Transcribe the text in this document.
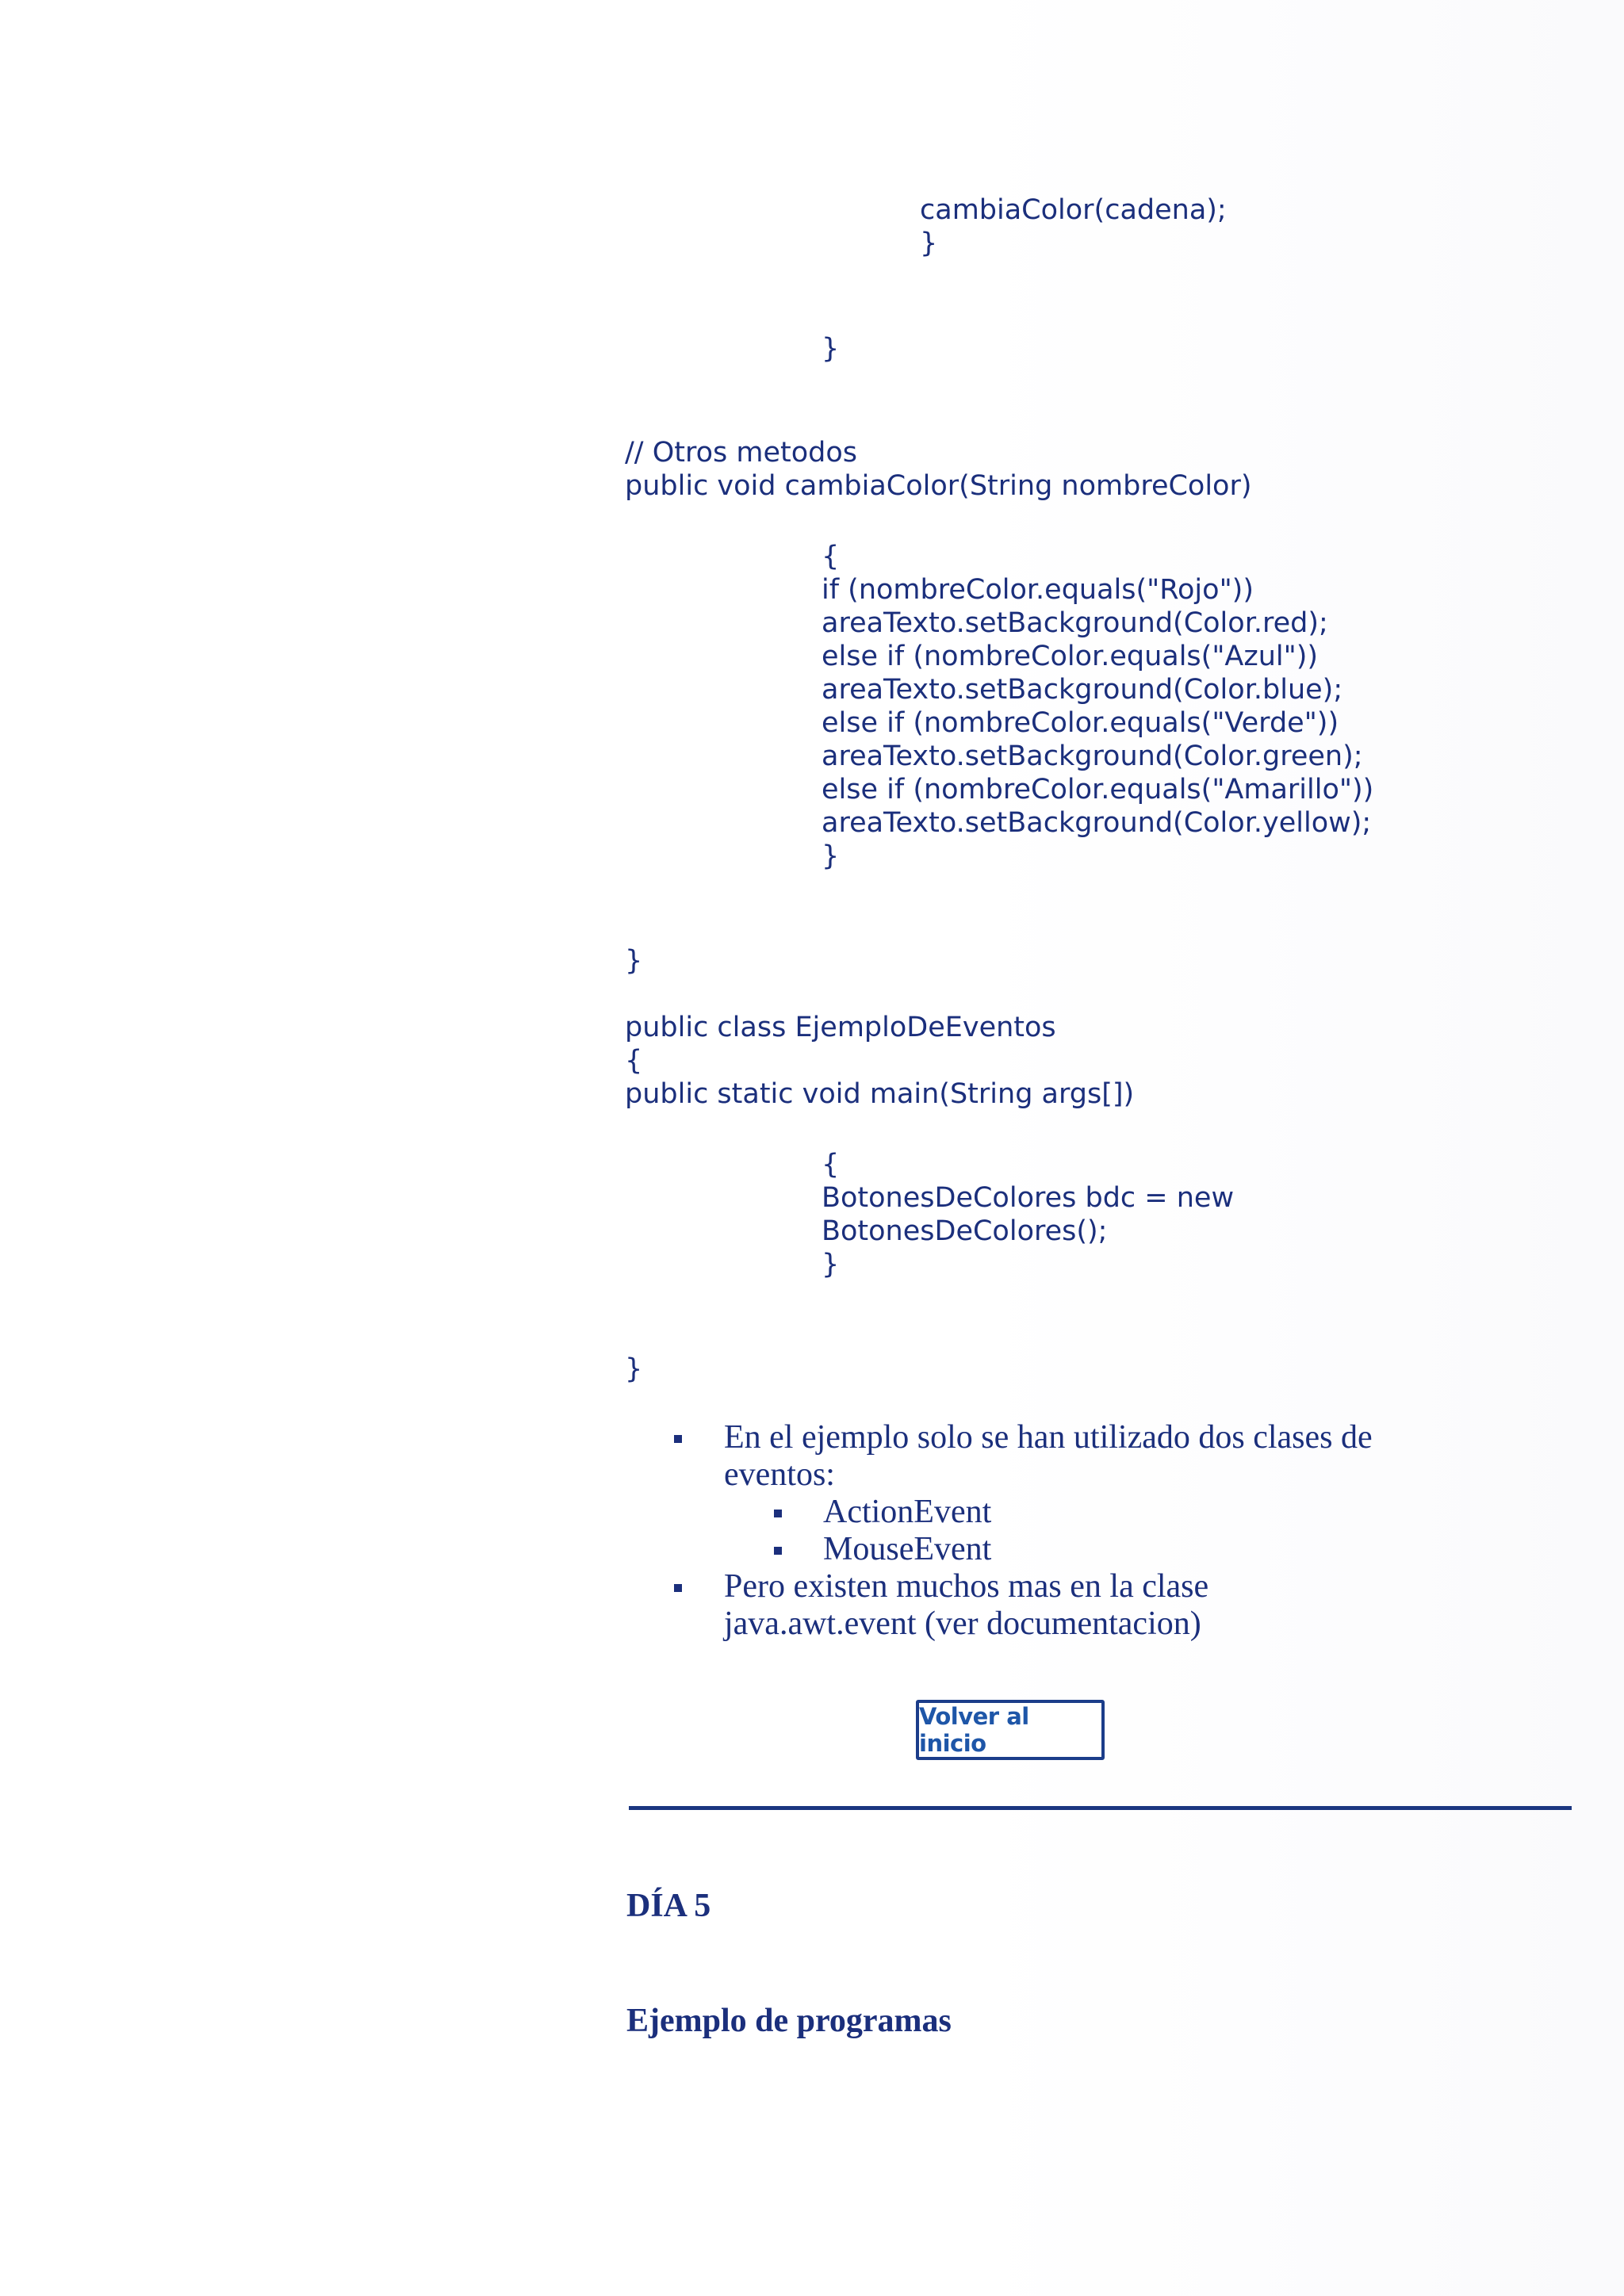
cambiaColor(cadena);
}
}
// Otros metodos
public void cambiaColor(String nombreColor)
{
if (nombreColor.equals("Rojo"))
areaTexto.setBackground(Color.red);
else if (nombreColor.equals("Azul"))
areaTexto.setBackground(Color.blue);
else if (nombreColor.equals("Verde"))
areaTexto.setBackground(Color.green);
else if (nombreColor.equals("Amarillo"))
areaTexto.setBackground(Color.yellow);
}
}
public class EjemploDeEventos
{
public static void main(String args[])
{
BotonesDeColores bdc = new
BotonesDeColores();
}
}
En el ejemplo solo se han utilizado dos clases de eventos:
ActionEvent
MouseEvent
Pero existen muchos mas en la clase java.awt.event (ver documentacion)
Volver al inicio
DÍA 5
Ejemplo de programas
